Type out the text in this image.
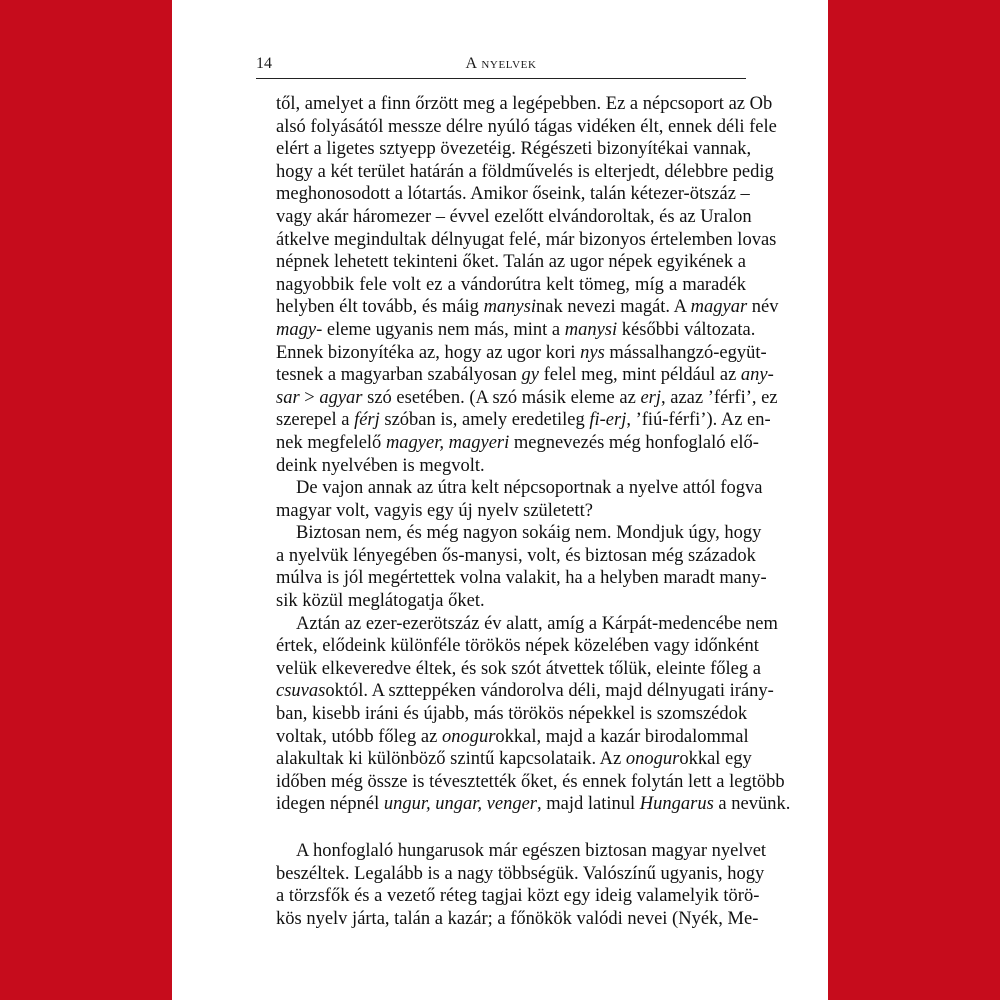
14	A nyelvek
től, amelyet a finn őrzött meg a legépebben. Ez a népcsoport az Ob
alsó folyásától messze délre nyúló tágas vidéken élt, ennek déli fele
elért a ligetes sztyepp övezetéig. Régészeti bizonyítékai vannak,
hogy a két terület határán a földművelés is elterjedt, délebbre pedig
meghonosodott a lótartás. Amikor őseink, talán kétezer-ötszáz –
vagy akár háromezer – évvel ezelőtt elvándoroltak, és az Uralon
átkelve megindultak délnyugat felé, már bizonyos értelemben lovas
népnek lehetett tekinteni őket. Talán az ugor népek egyikének a
nagyobbik fele volt ez a vándorútra kelt tömeg, míg a maradék
helyben élt tovább, és máig manysinak nevezi magát. A magyar név
magy- eleme ugyanis nem más, mint a manysi későbbi változata.
Ennek bizonyítéka az, hogy az ugor kori nys mássalhangzó-együt-
tesnek a magyarban szabályosan gy felel meg, mint például az any-
sar > agyar szó esetében. (A szó másik eleme az erj, azaz ’férfi’, ez
szerepel a férj szóban is, amely eredetileg fi-erj, ’fiú-férfi’). Az en-
nek megfelelő magyer, magyeri megnevezés még honfoglaló elő-
deink nyelvében is megvolt.
De vajon annak az útra kelt népcsoportnak a nyelve attól fogva
magyar volt, vagyis egy új nyelv született?
Biztosan nem, és még nagyon sokáig nem. Mondjuk úgy, hogy
a nyelvük lényegében ős-manysi, volt, és biztosan még századok
múlva is jól megértettek volna valakit, ha a helyben maradt many-
sik közül meglátogatja őket.
Aztán az ezer-ezerötszáz év alatt, amíg a Kárpát-medencébe nem
értek, elődeink különféle törökös népek közelében vagy időnként
velük elkeveredve éltek, és sok szót átvettek tőlük, eleinte főleg a
csuvasoktól. A sztteppéken vándorolva déli, majd délnyugati irány-
ban, kisebb iráni és újabb, más törökös népekkel is szomszédok
voltak, utóbb főleg az onogurokkal, majd a kazár birodalommal
alakultak ki különböző szintű kapcsolataik. Az onogurokkal egy
időben még össze is tévesztették őket, és ennek folytán lett a legtöbb
idegen népnél ungur, ungar, venger, majd latinul Hungarus a nevünk.
A honfoglaló hungarusok már egészen biztosan magyar nyelvet
beszéltek. Legalább is a nagy többségük. Valószínű ugyanis, hogy
a törzsfők és a vezető réteg tagjai közt egy ideig valamelyik törö-
kös nyelv járta, talán a kazár; a főnökök valódi nevei (Nyék, Me-
